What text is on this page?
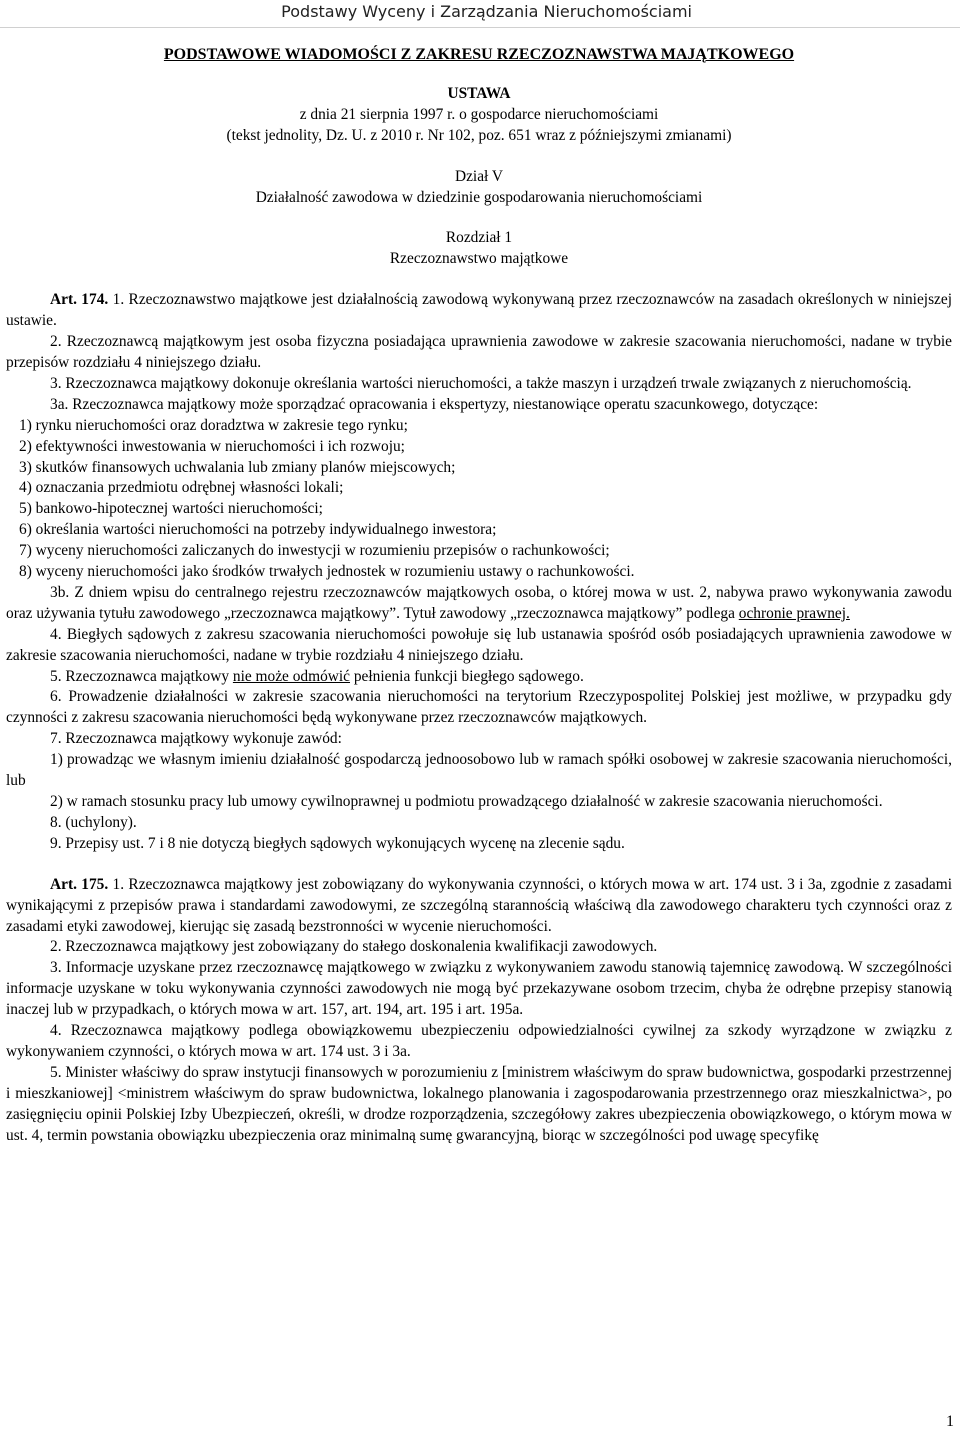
Podstawy Wyceny i Zarządzania Nieruchomościami
PODSTAWOWE WIADOMOŚCI Z ZAKRESU RZECZOZNAWSTWA MAJĄTKOWEGO

USTAWA

z dnia 21 sierpnia 1997 r. o gospodarce nieruchomościami

(tekst jednolity, Dz. U. z 2010 r. Nr 102, poz. 651 wraz z późniejszymi zmianami)

Dział V

Działalność zawodowa w dziedzinie gospodarowania nieruchomościami

Rozdział 1

Rzeczoznawstwo majątkowe

Art. 174. 1. Rzeczoznawstwo majątkowe jest działalnością zawodową wykonywaną przez rzeczoznawców na zasadach określonych w niniejszej ustawie.

2. Rzeczoznawcą majątkowym jest osoba fizyczna posiadająca uprawnienia zawodowe w zakresie szacowania nieruchomości, nadane w trybie przepisów rozdziału 4 niniejszego działu.

3. Rzeczoznawca majątkowy dokonuje określania wartości nieruchomości, a także maszyn i urządzeń trwale związanych z nieruchomością.

3a. Rzeczoznawca majątkowy może sporządzać opracowania i ekspertyzy, niestanowiące operatu szacunkowego, dotyczące:

1) rynku nieruchomości oraz doradztwa w zakresie tego rynku;
2) efektywności inwestowania w nieruchomości i ich rozwoju;
3) skutków finansowych uchwalania lub zmiany planów miejscowych;
4) oznaczania przedmiotu odrębnej własności lokali;
5) bankowo-hipotecznej wartości nieruchomości;
6) określania wartości nieruchomości na potrzeby indywidualnego inwestora;
7) wyceny nieruchomości zaliczanych do inwestycji w rozumieniu przepisów o rachunkowości;
8) wyceny nieruchomości jako środków trwałych jednostek w rozumieniu ustawy o rachunkowości.

3b. Z dniem wpisu do centralnego rejestru rzeczoznawców majątkowych osoba, o której mowa w ust. 2, nabywa prawo wykonywania zawodu oraz używania tytułu zawodowego „rzeczoznawca majątkowy”. Tytuł zawodowy „rzeczoznawca majątkowy” podlega ochronie prawnej.

4. Biegłych sądowych z zakresu szacowania nieruchomości powołuje się lub ustanawia spośród osób posiadających uprawnienia zawodowe w zakresie szacowania nieruchomości, nadane w trybie rozdziału 4 niniejszego działu.

5. Rzeczoznawca majątkowy nie może odmówić pełnienia funkcji biegłego sądowego.

6. Prowadzenie działalności w zakresie szacowania nieruchomości na terytorium Rzeczypospolitej Polskiej jest możliwe, w przypadku gdy czynności z zakresu szacowania nieruchomości będą wykonywane przez rzeczoznawców majątkowych.

7. Rzeczoznawca majątkowy wykonuje zawód:

1) prowadząc we własnym imieniu działalność gospodarczą jednoosobowo lub w ramach spółki osobowej w zakresie szacowania nieruchomości, lub

2) w ramach stosunku pracy lub umowy cywilnoprawnej u podmiotu prowadzącego działalność w zakresie szacowania nieruchomości.

8. (uchylony).

9. Przepisy ust. 7 i 8 nie dotyczą biegłych sądowych wykonujących wycenę na zlecenie sądu.

Art. 175. 1. Rzeczoznawca majątkowy jest zobowiązany do wykonywania czynności, o których mowa w art. 174 ust. 3 i 3a, zgodnie z zasadami wynikającymi z przepisów prawa i standardami zawodowymi, ze szczególną starannością właściwą dla zawodowego charakteru tych czynności oraz z zasadami etyki zawodowej, kierując się zasadą bezstronności w wycenie nieruchomości.

2. Rzeczoznawca majątkowy jest zobowiązany do stałego doskonalenia kwalifikacji zawodowych.

3. Informacje uzyskane przez rzeczoznawcę majątkowego w związku z wykonywaniem zawodu stanowią tajemnicę zawodową. W szczególności informacje uzyskane w toku wykonywania czynności zawodowych nie mogą być przekazywane osobom trzecim, chyba że odrębne przepisy stanowią inaczej lub w przypadkach, o których mowa w art. 157, art. 194, art. 195 i art. 195a.

4. Rzeczoznawca majątkowy podlega obowiązkowemu ubezpieczeniu odpowiedzialności cywilnej za szkody wyrządzone w związku z wykonywaniem czynności, o których mowa w art. 174 ust. 3 i 3a.

5. Minister właściwy do spraw instytucji finansowych w porozumieniu z [ministrem właściwym do spraw budownictwa, gospodarki przestrzennej i mieszkaniowej] <ministrem właściwym do spraw budownictwa, lokalnego planowania i zagospodarowania przestrzennego oraz mieszkalnictwa>, po zasięgnięciu opinii Polskiej Izby Ubezpieczeń, określi, w drodze rozporządzenia, szczegółowy zakres ubezpieczenia obowiązkowego, o którym mowa w ust. 4, termin powstania obowiązku ubezpieczenia oraz minimalną sumę gwarancyjną, biorąc w szczególności pod uwagę specyfikę

1
